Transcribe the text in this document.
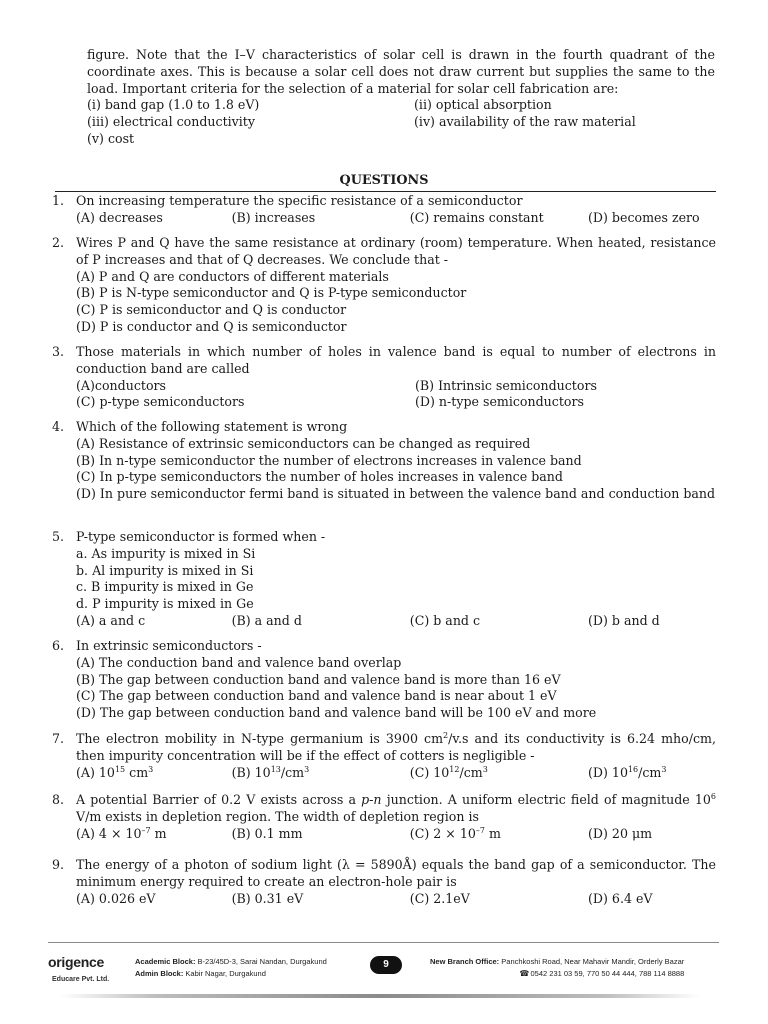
figure. Note that the I–V characteristics of solar cell is drawn in the fourth quadrant of the coordinate axes. This is because a solar cell does not draw current but supplies the same to the load. Important criteria for the selection of a material for solar cell fabrication are:
(i) band gap (1.0 to 1.8 eV)	(ii) optical absorption
(iii) electrical conductivity	(iv) availability of the raw material
(v) cost
QUESTIONS
1. On increasing temperature the specific resistance of a semiconductor
(A) decreases	(B) increases	(C) remains constant	(D) becomes zero
2. Wires P and Q have the same resistance at ordinary (room) temperature. When heated, resistance of P increases and that of Q decreases. We conclude that -
(A) P and Q are conductors of different materials
(B) P is N-type semiconductor and Q is P-type semiconductor
(C) P is semiconductor and Q is conductor
(D) P is conductor and Q is semiconductor
3. Those materials in which number of holes in valence band is equal to number of electrons in conduction band are called
(A)conductors	(B) Intrinsic semiconductors
(C) p-type semiconductors	(D) n-type semiconductors
4. Which of the following statement is wrong
(A) Resistance of extrinsic semiconductors can be changed as required
(B) In n-type semiconductor the number of electrons increases in valence band
(C) In p-type semiconductors the number of holes increases in valence band
(D) In pure semiconductor fermi band is situated in between the valence band and conduction band
5. P-type semiconductor is formed when -
a. As impurity is mixed in Si
b. Al impurity is mixed in Si
c. B impurity is mixed in Ge
d. P impurity is mixed in Ge
(A) a and c	(B) a and d	(C) b and c	(D) b and d
6. In extrinsic semiconductors -
(A) The conduction band and valence band overlap
(B) The gap between conduction band and valence band is more than 16 eV
(C) The gap between conduction band and valence band is near about 1 eV
(D) The gap between conduction band and valence band will be 100 eV and more
7. The electron mobility in N-type germanium is 3900 $cm^2/v.s$ and its conductivity is 6.24 mho/cm, then impurity concentration will be if the effect of cotters is negligible -
(A) $10^{15}$ $cm^3$	(B) $10^{13}/cm^3$	(C) $10^{12}/cm^3$	(D) $10^{16}/cm^3$
8. A potential Barrier of 0.2 V exists across a p-n junction. A uniform electric field of magnitude $10^6$ V/m exists in depletion region. The width of depletion region is
(A) $4 \times 10^{-7}$ m	(B) 0.1 mm	(C) $2 \times 10^{-7}$ m	(D) 20 μm
9. The energy of a photon of sodium light (λ = 5890Å) equals the band gap of a semiconductor. The minimum energy required to create an electron-hole pair is
(A) 0.026 eV	(B) 0.31 eV	(C) 2.1eV	(D) 6.4 eV
origence
Educare Pvt. Ltd.
Academic Block: B-23/45D-3, Sarai Nandan, Durgakund
Admin Block: Kabir Nagar, Durgakund
9	New Branch Office: Panchkoshi Road, Near Mahavir Mandir, Orderly Bazar
☎ 0542 231 03 59, 770 50 44 444, 788 114 8888
